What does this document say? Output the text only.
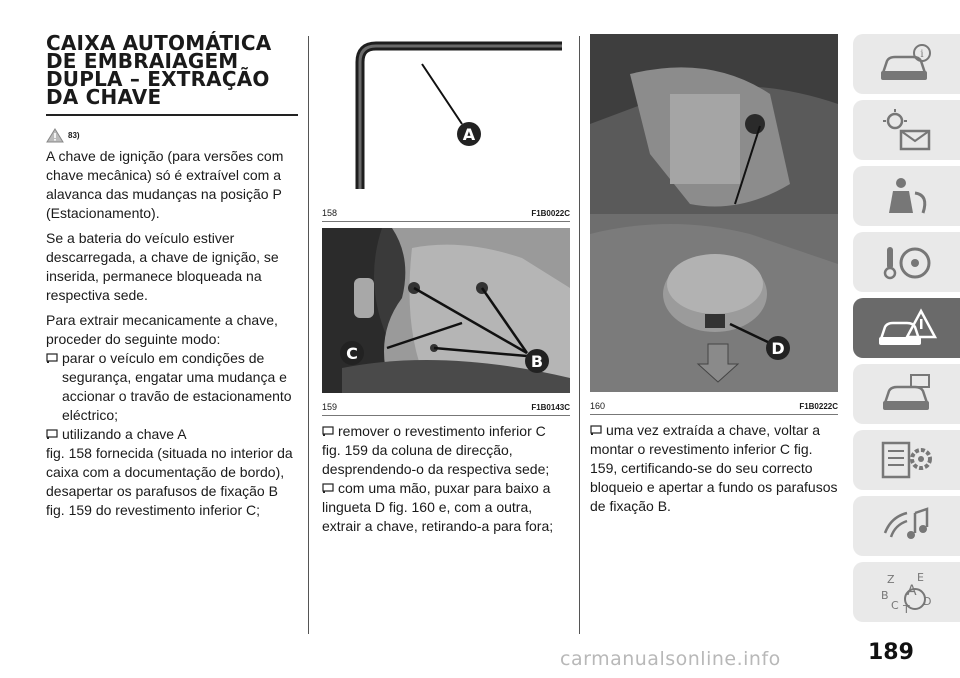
CAIXA AUTOMÁTICA
DE EMBRAIAGEM
DUPLA – EXTRAÇÃO
DA CHAVE
83)

A chave de ignição (para versões com chave mecânica) só é extraível com a alavanca das mudanças na posição P (Estacionamento).

Se a bateria do veículo estiver descarregada, a chave de ignição, se inserida, permanece bloqueada na respectiva sede.

Para extrair mecanicamente a chave, proceder do seguinte modo:

parar o veículo em condições de segurança, engatar uma mudança e accionar o travão de estacionamento eléctrico;
utilizando a chave A

fig. 158 fornecida (situada no interior da caixa com a documentação de bordo), desapertar os parafusos de fixação B fig. 159 do revestimento inferior C;

A
158	F1B0022C
C	B
159	F1B0143C
remover o revestimento inferior C

fig. 159 da coluna de direcção, desprendendo-o da respectiva sede;

com uma mão, puxar para baixo a

lingueta D fig. 160 e, com a outra, extrair a chave, retirando-a para fora;

D
160	F1B0222C
uma vez extraída a chave, voltar a

montar o revestimento inferior C fig. 159, certificando-se do seu correcto bloqueio e apertar a fundo os parafusos de fixação B.

i
Z E
A
B
C D
T
189
carmanualsonline.info
